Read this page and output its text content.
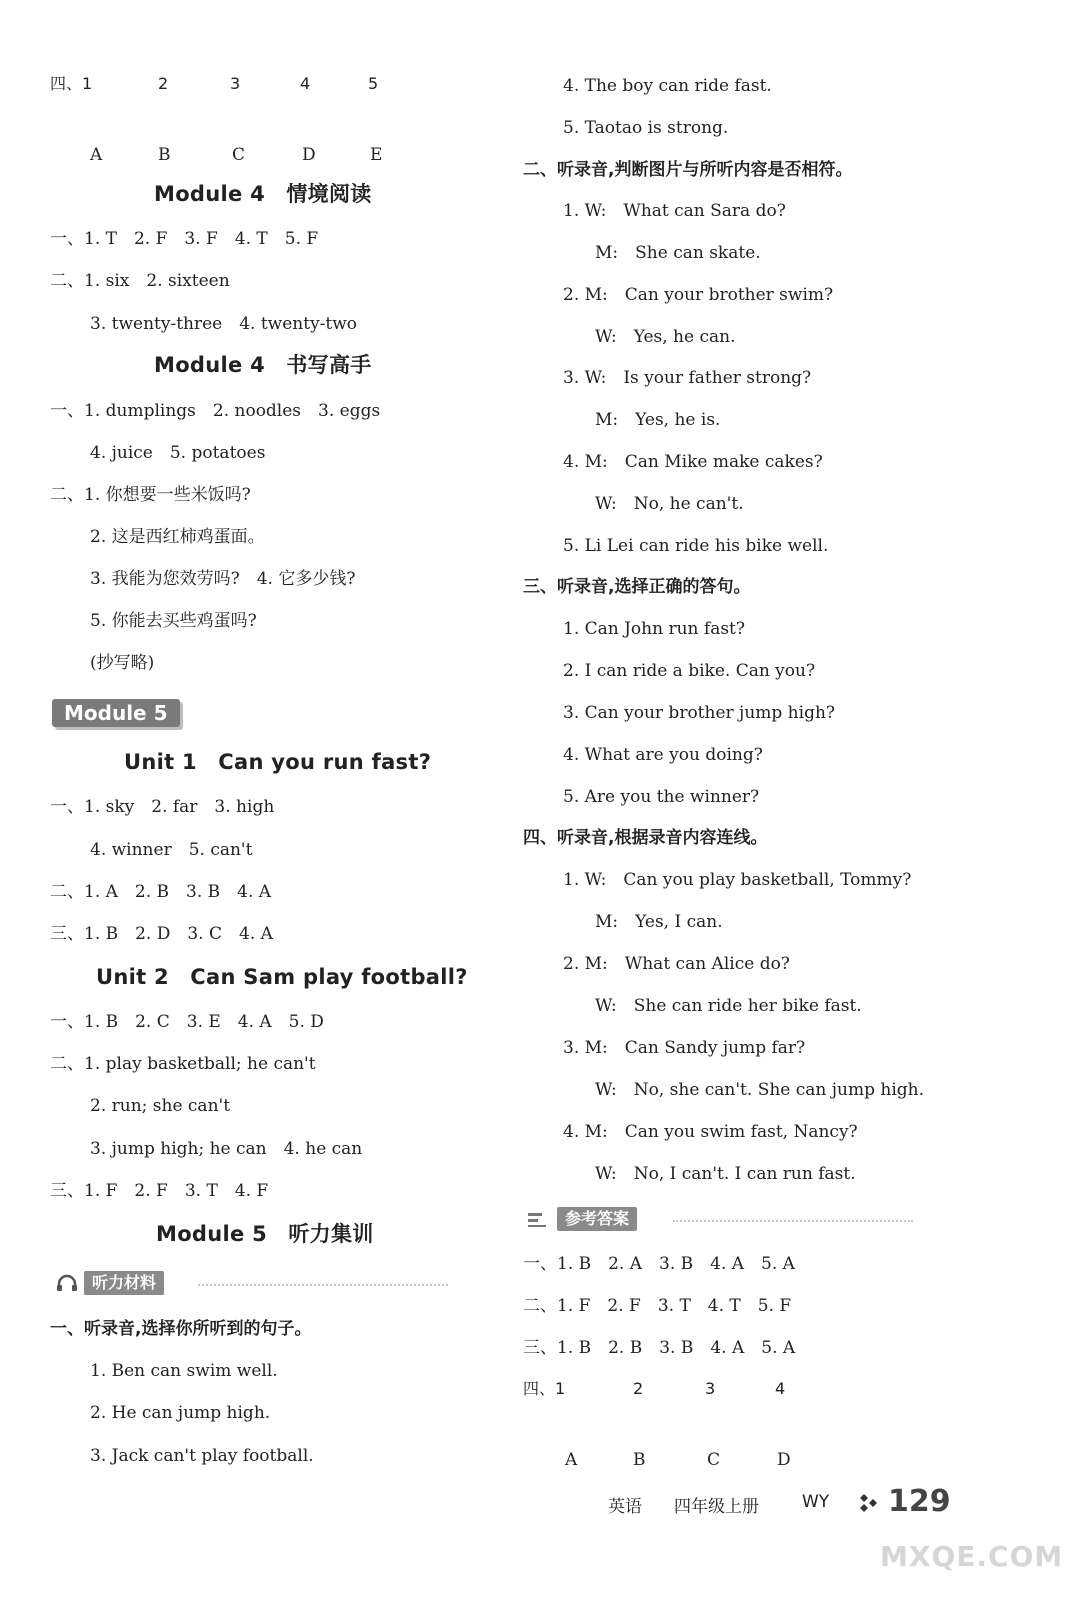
四、1	2	3	4	5
A	B	C	D	E
Module 4　情境阅读
一、1. T　2. F　3. F　4. T　5. F
二、1. six　2. sixteen
3. twenty-three　4. twenty-two
Module 4　书写高手
一、1. dumplings　2. noodles　3. eggs
4. juice　5. potatoes
二、1. 你想要一些米饭吗?
2. 这是西红柿鸡蛋面。
3. 我能为您效劳吗?　4. 它多少钱?
5. 你能去买些鸡蛋吗?
(抄写略)
Module 5
Unit 1　Can you run fast?
一、1. sky　2. far　3. high
4. winner　5. can't
二、1. A　2. B　3. B　4. A
三、1. B　2. D　3. C　4. A
Unit 2　Can Sam play football?
一、1. B　2. C　3. E　4. A　5. D
二、1. play basketball; he can't
2. run; she can't
3. jump high; he can　4. he can
三、1. F　2. F　3. T　4. F
Module 5　听力集训
听力材料
一、听录音,选择你所听到的句子。
1. Ben can swim well.
2. He can jump high.
3. Jack can't play football.
4. The boy can ride fast.
5. Taotao is strong.
二、听录音,判断图片与所听内容是否相符。
1. W:　What can Sara do?
M:　She can skate.
2. M:　Can your brother swim?
W:　Yes, he can.
3. W:　Is your father strong?
M:　Yes, he is.
4. M:　Can Mike make cakes?
W:　No, he can't.
5. Li Lei can ride his bike well.
三、听录音,选择正确的答句。
1. Can John run fast?
2. I can ride a bike. Can you?
3. Can your brother jump high?
4. What are you doing?
5. Are you the winner?
四、听录音,根据录音内容连线。
1. W:　Can you play basketball, Tommy?
M:　Yes, I can.
2. M:　What can Alice do?
W:　She can ride her bike fast.
3. M:　Can Sandy jump far?
W:　No, she can't. She can jump high.
4. M:　Can you swim fast, Nancy?
W:　No, I can't. I can run fast.
参考答案
一、1. B　2. A　3. B　4. A　5. A
二、1. F　2. F　3. T　4. T　5. F
三、1. B　2. B　3. B　4. A　5. A
四、1	2	3	4
A	B	C	D
英语 四年级上册	WY 129
MXQE.COM
